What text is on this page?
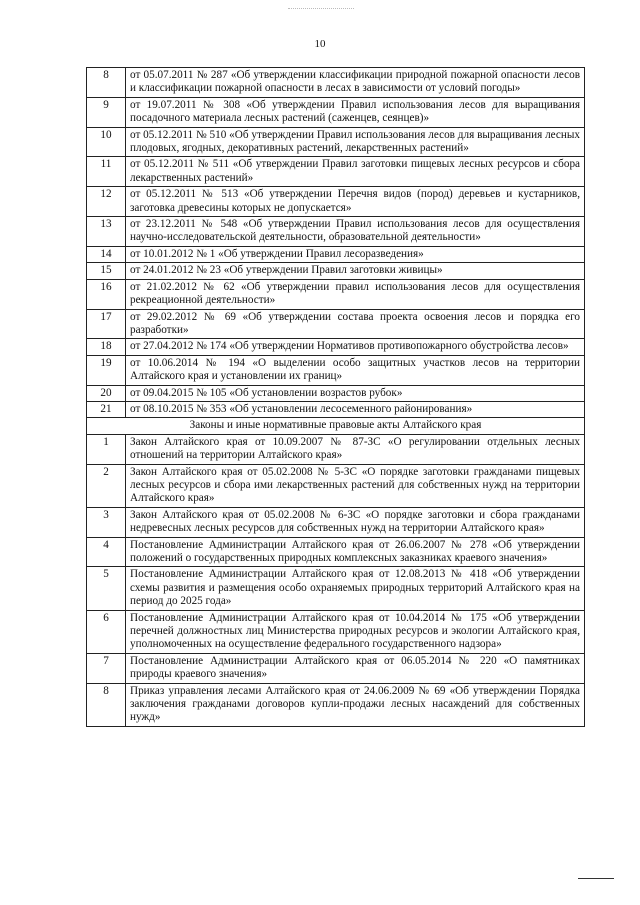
10
8	от 05.07.2011 № 287 «Об утверждении классификации природной пожарной опасности лесов и классификации пожарной опасности в лесах в зависимости от условий погоды»
9	от 19.07.2011 № 308 «Об утверждении Правил использования лесов для выращивания посадочного материала лесных растений (саженцев, сеянцев)»
10	от 05.12.2011 № 510 «Об утверждении Правил использования лесов для выращивания лесных плодовых, ягодных, декоративных растений, лекарственных растений»
11	от 05.12.2011 № 511 «Об утверждении Правил заготовки пищевых лесных ресурсов и сбора лекарственных растений»
12	от 05.12.2011 № 513 «Об утверждении Перечня видов (пород) деревьев и кустарников, заготовка древесины которых не допускается»
13	от 23.12.2011 № 548 «Об утверждении Правил использования лесов для осуществления научно-исследовательской деятельности, образовательной деятельности»
14	от 10.01.2012 № 1 «Об утверждении Правил лесоразведения»
15	от 24.01.2012 № 23 «Об утверждении Правил заготовки живицы»
16	от 21.02.2012 № 62 «Об утверждении правил использования лесов для осуществления рекреационной деятельности»
17	от 29.02.2012 № 69 «Об утверждении состава проекта освоения лесов и порядка его разработки»
18	от 27.04.2012 № 174 «Об утверждении Нормативов противопожарного обустройства лесов»
19	от 10.06.2014 № 194 «О выделении особо защитных участков лесов на территории Алтайского края и установлении их границ»
20	от 09.04.2015 № 105 «Об установлении возрастов рубок»
21	от 08.10.2015 № 353 «Об установлении лесосеменного районирования»
Законы и иные нормативные правовые акты Алтайского края	
1	Закон Алтайского края от 10.09.2007 № 87-ЗС «О регулировании отдельных лесных отношений на территории Алтайского края»
2	Закон Алтайского края от 05.02.2008 № 5-ЗС «О порядке заготовки гражданами пищевых лесных ресурсов и сбора ими лекарственных растений для собственных нужд на территории Алтайского края»
3	Закон Алтайского края от 05.02.2008 № 6-ЗС «О порядке заготовки и сбора гражданами недревесных лесных ресурсов для собственных нужд на территории Алтайского края»
4	Постановление Администрации Алтайского края от 26.06.2007 № 278 «Об утверждении положений о государственных природных комплексных заказниках краевого значения»
5	Постановление Администрации Алтайского края от 12.08.2013 № 418 «Об утверждении схемы развития и размещения особо охраняемых природных территорий Алтайского края на период до 2025 года»
6	Постановление Администрации Алтайского края от 10.04.2014 № 175 «Об утверждении перечней должностных лиц Министерства природных ресурсов и экологии Алтайского края, уполномоченных на осуществление федерального государственного надзора»
7	Постановление Администрации Алтайского края от 06.05.2014 № 220 «О памятниках природы краевого значения»
8	Приказ управления лесами Алтайского края от 24.06.2009 № 69 «Об утверждении Порядка заключения гражданами договоров купли-продажи лесных насаждений для собственных нужд»
